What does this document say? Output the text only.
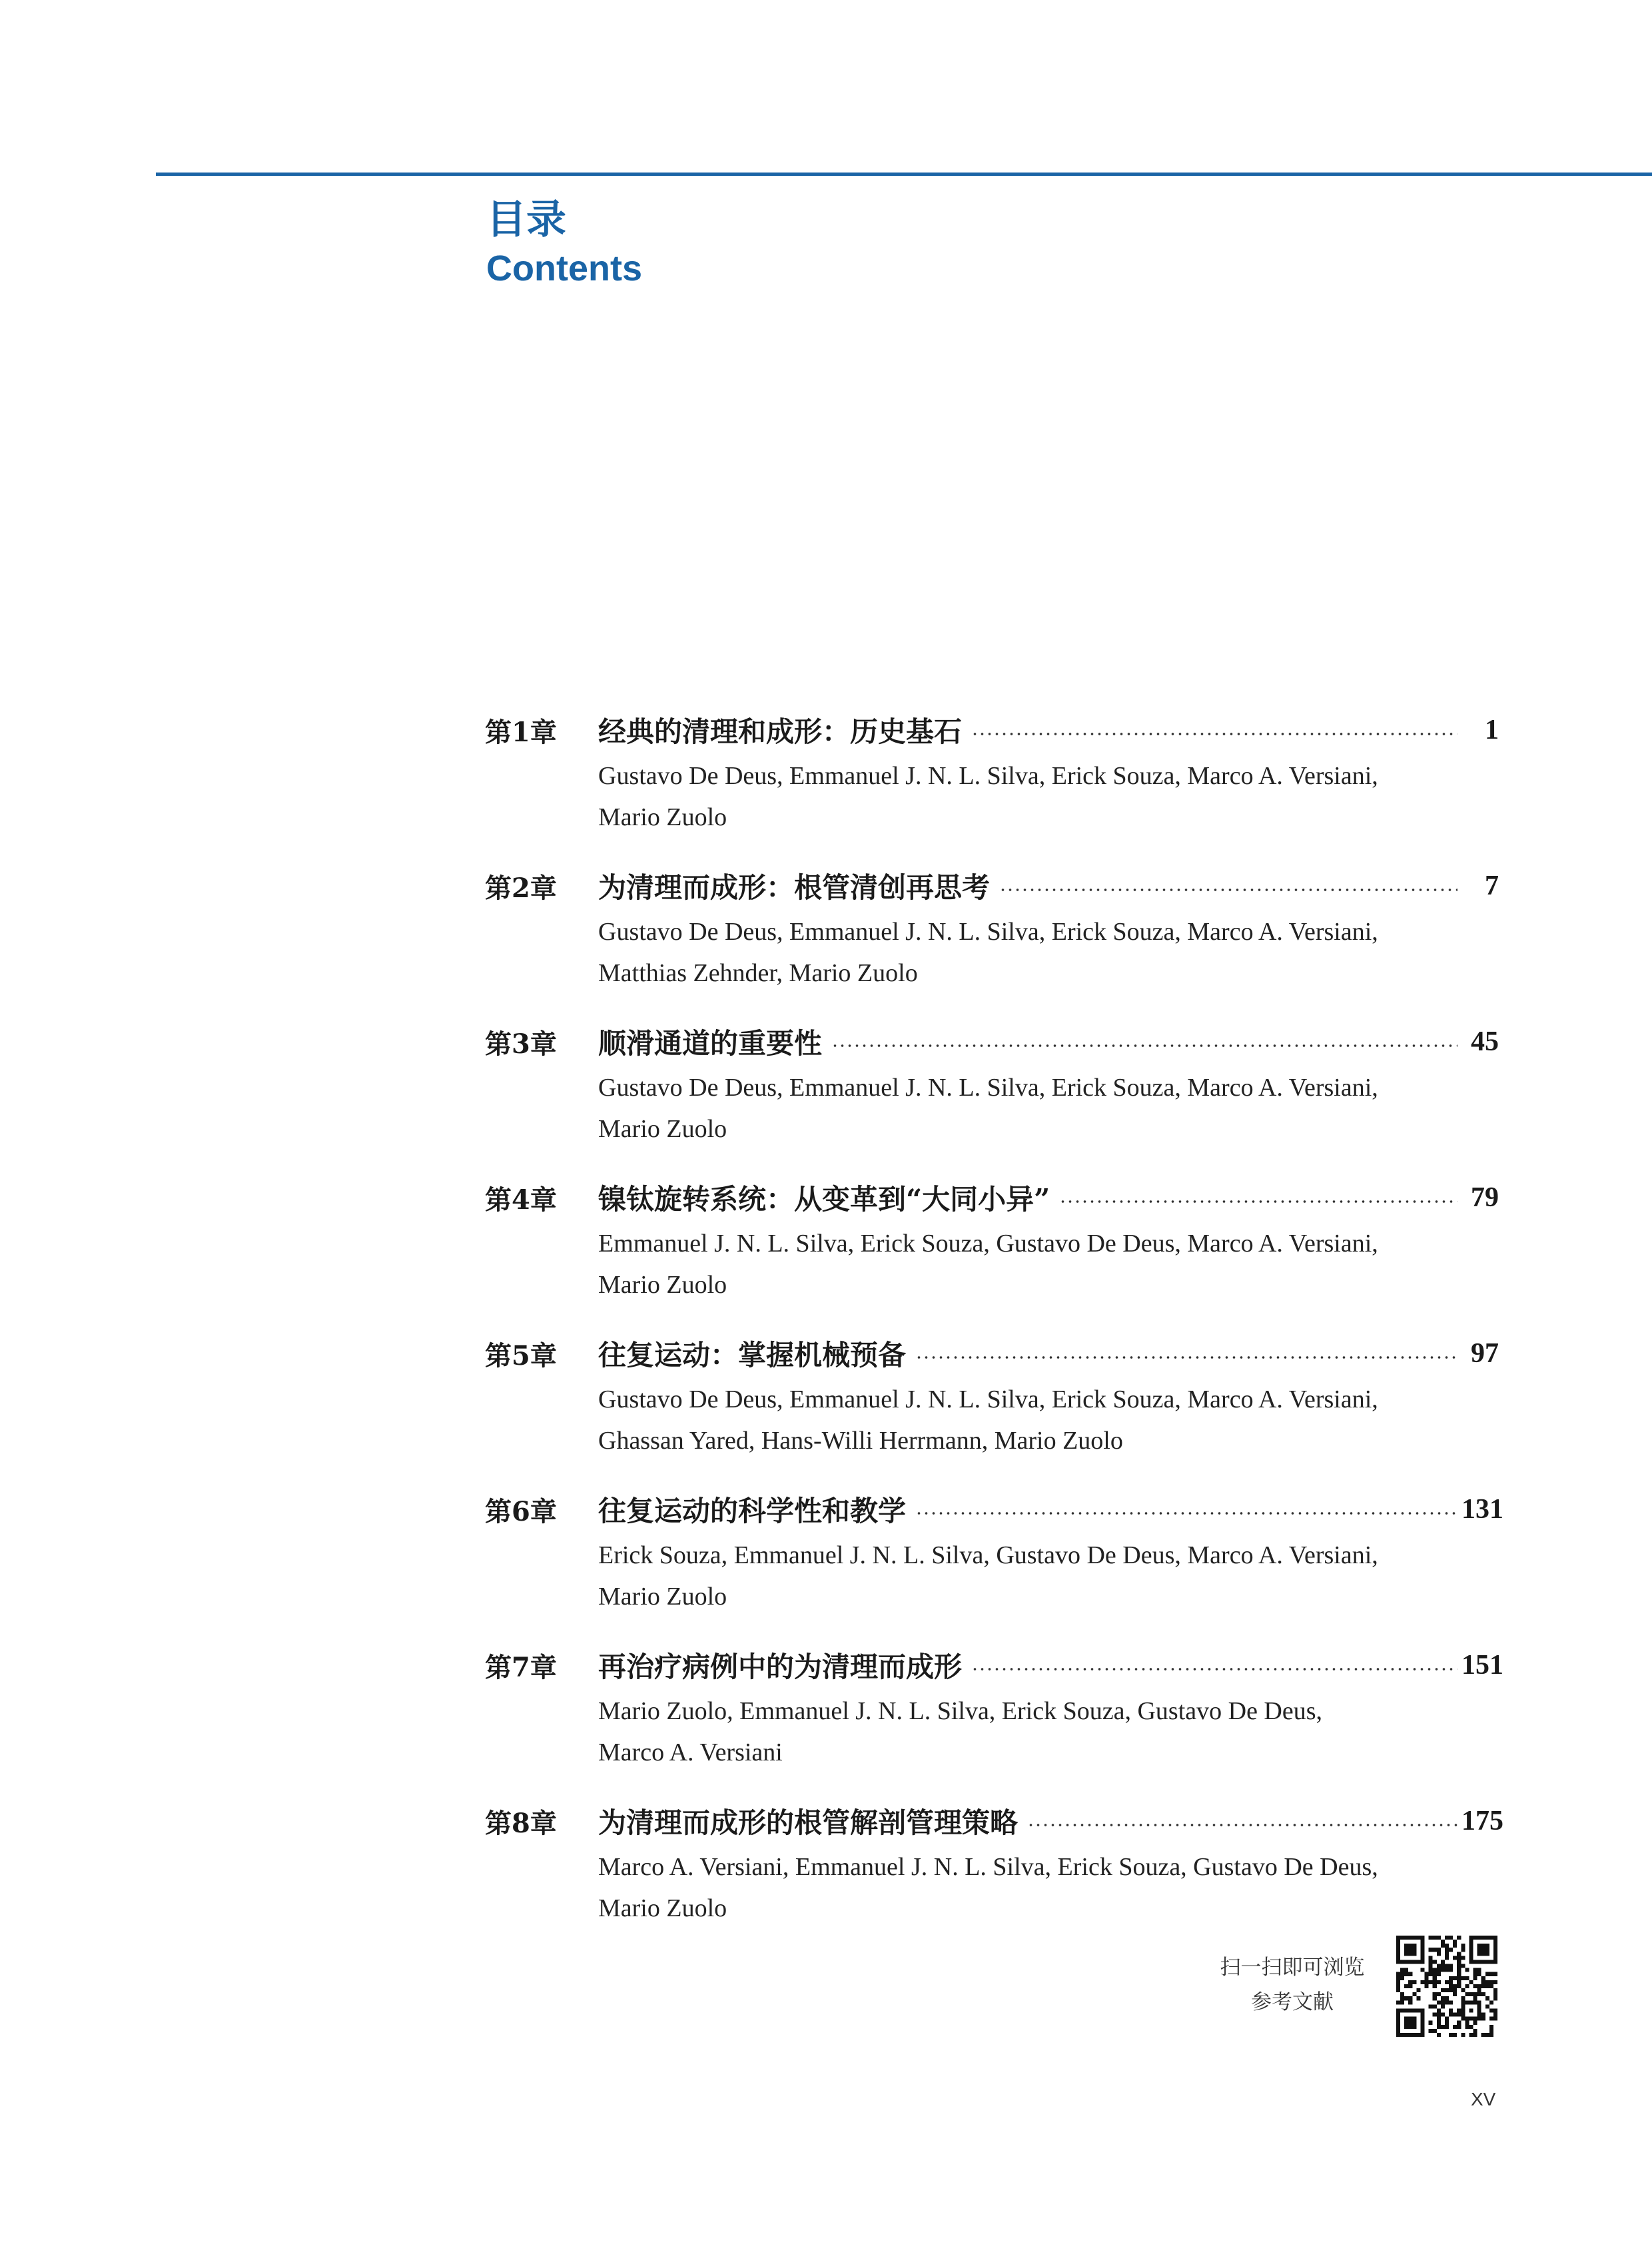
目录
Contents
第1章	经典的清理和成形：历史基石	1
Gustavo De Deus, Emmanuel J. N. L. Silva, Erick Souza, Marco A. Versiani,
Mario Zuolo
第2章	为清理而成形：根管清创再思考	7
Gustavo De Deus, Emmanuel J. N. L. Silva, Erick Souza, Marco A. Versiani,
Matthias Zehnder, Mario Zuolo
第3章	顺滑通道的重要性	45
Gustavo De Deus, Emmanuel J. N. L. Silva, Erick Souza, Marco A. Versiani,
Mario Zuolo
第4章	镍钛旋转系统：从变革到“大同小异”	79
Emmanuel J. N. L. Silva, Erick Souza, Gustavo De Deus, Marco A. Versiani,
Mario Zuolo
第5章	往复运动：掌握机械预备	97
Gustavo De Deus, Emmanuel J. N. L. Silva, Erick Souza, Marco A. Versiani,
Ghassan Yared, Hans-Willi Herrmann, Mario Zuolo
第6章	往复运动的科学性和教学	131
Erick Souza, Emmanuel J. N. L. Silva, Gustavo De Deus, Marco A. Versiani,
Mario Zuolo
第7章	再治疗病例中的为清理而成形	151
Mario Zuolo, Emmanuel J. N. L. Silva, Erick Souza, Gustavo De Deus,
Marco A. Versiani
第8章	为清理而成形的根管解剖管理策略	175
Marco A. Versiani, Emmanuel J. N. L. Silva, Erick Souza, Gustavo De Deus,
Mario Zuolo
扫一扫即可浏览
参考文献
XV
